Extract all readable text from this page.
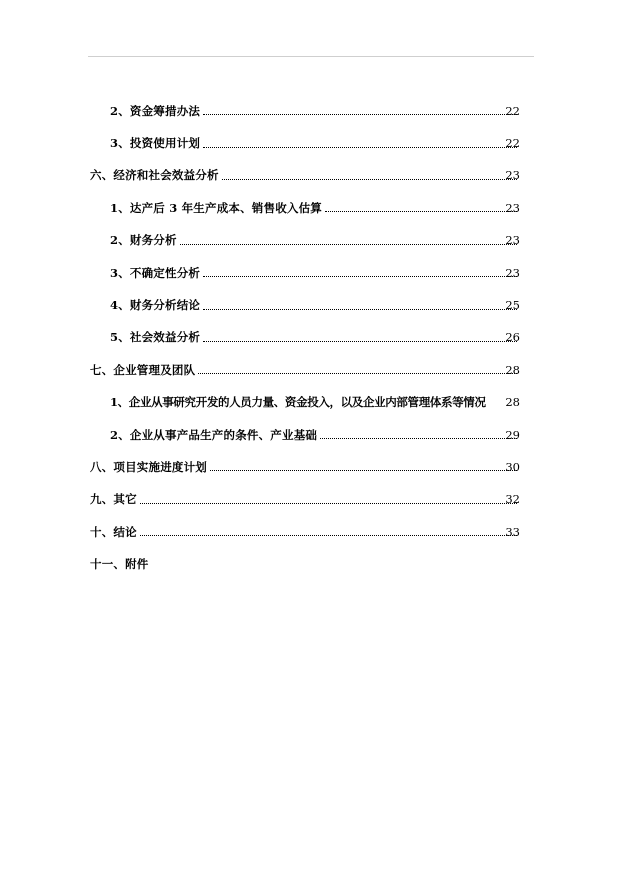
2、资金筹措办法	22
3、投资使用计划	22
六、经济和社会效益分析	23
1、达产后 3 年生产成本、销售收入估算	23
2、财务分析	23
3、不确定性分析	23
4、财务分析结论	25
5、社会效益分析	26
七、企业管理及团队	28
1、企业从事研究开发的人员力量、资金投入，以及企业内部管理体系等情况	28
2、企业从事产品生产的条件、产业基础	29
八、项目实施进度计划	30
九、其它	32
十、结论	33
十一、附件
